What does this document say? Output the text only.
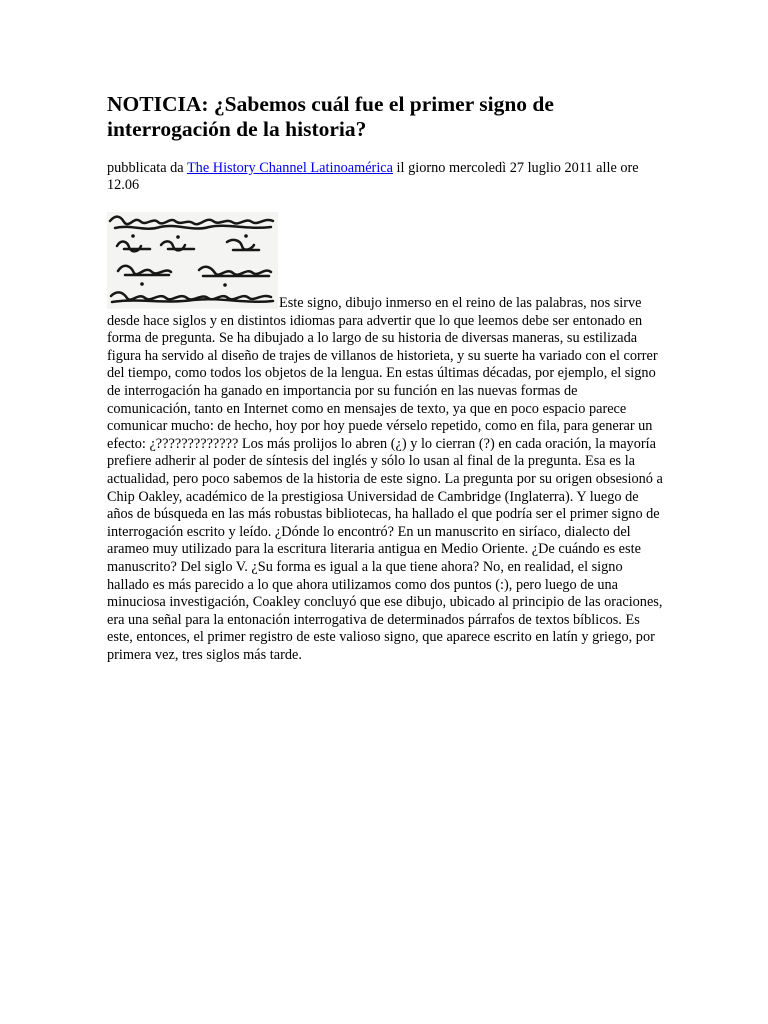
NOTICIA: ¿Sabemos cuál fue el primer signo de interrogación de la historia?
pubblicata da The History Channel Latinoamérica il giorno mercoledì 27 luglio 2011 alle ore 12.06
Este signo, dibujo inmerso en el reino de las palabras, nos sirve desde hace siglos y en distintos idiomas para advertir que lo que leemos debe ser entonado en forma de pregunta. Se ha dibujado a lo largo de su historia de diversas maneras, su estilizada figura ha servido al diseño de trajes de villanos de historieta, y su suerte ha variado con el correr del tiempo, como todos los objetos de la lengua. En estas últimas décadas, por ejemplo, el signo de interrogación ha ganado en importancia por su función en las nuevas formas de comunicación, tanto en Internet como en mensajes de texto, ya que en poco espacio parece comunicar mucho: de hecho, hoy por hoy puede vérselo repetido, como en fila, para generar un efecto: ¿????????????? Los más prolijos lo abren (¿) y lo cierran (?) en cada oración, la mayoría prefiere adherir al poder de síntesis del inglés y sólo lo usan al final de la pregunta. Esa es la actualidad, pero poco sabemos de la historia de este signo. La pregunta por su origen obsesionó a Chip Oakley, académico de la prestigiosa Universidad de Cambridge (Inglaterra). Y luego de años de búsqueda en las más robustas bibliotecas, ha hallado el que podría ser el primer signo de interrogación escrito y leído. ¿Dónde lo encontró? En un manuscrito en siríaco, dialecto del arameo muy utilizado para la escritura literaria antigua en Medio Oriente. ¿De cuándo es este manuscrito? Del siglo V. ¿Su forma es igual a la que tiene ahora? No, en realidad, el signo hallado es más parecido a lo que ahora utilizamos como dos puntos (:), pero luego de una minuciosa investigación, Coakley concluyó que ese dibujo, ubicado al principio de las oraciones, era una señal para la entonación interrogativa de determinados párrafos de textos bíblicos. Es este, entonces, el primer registro de este valioso signo, que aparece escrito en latín y griego, por primera vez, tres siglos más tarde.
